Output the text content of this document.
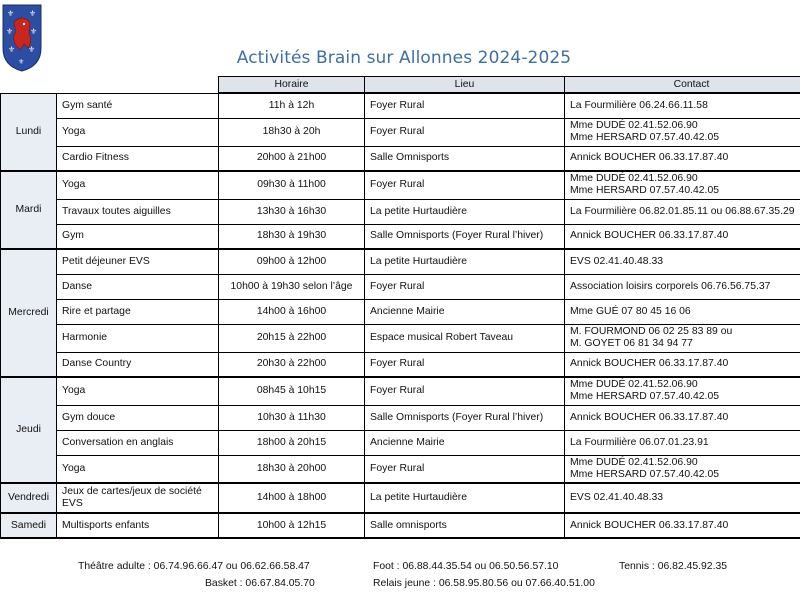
⚜ ⚜
⚜ ⚜
⚜ ⚜
⚜	Activités Brain sur Allonnes 2024-2025
		Horaire	Lieu	Contact
Lundi	Gym santé	11h à 12h	Foyer Rural	La Fourmilière 06.24.66.11.58

	Yoga	18h30 à 20h	Foyer Rural	Mme DUDÉ 02.41.52.06.90
Mme HERSARD 07.57.40.42.05

	Cardio Fitness	20h00 à 21h00	Salle Omnisports	Annick BOUCHER 06.33.17.87.40

Mardi	Yoga	09h30 à 11h00	Foyer Rural	Mme DUDÉ 02.41.52.06.90
Mme HERSARD 07.57.40.42.05

	Travaux toutes aiguilles	13h30 à 16h30	La petite Hurtaudière	La Fourmilière 06.82.01.85.11 ou 06.88.67.35.29

	Gym	18h30 à 19h30	Salle Omnisports (Foyer Rural l’hiver)	Annick BOUCHER 06.33.17.87.40

Mercredi	Petit déjeuner EVS	09h00 à 12h00	La petite Hurtaudière	EVS 02.41.40.48.33

	Danse	10h00 à 19h30 selon l’âge	Foyer Rural	Association loisirs corporels 06.76.56.75.37

	Rire et partage	14h00 à 16h00	Ancienne Mairie	Mme GUÉ 07 80 45 16 06

	Harmonie	20h15 à 22h00	Espace musical Robert Taveau	M. FOURMOND 06 02 25 83 89 ou
M. GOYET 06 81 34 94 77

	Danse Country	20h30 à 22h00	Foyer Rural	Annick BOUCHER 06.33.17.87.40

Jeudi	Yoga	08h45 à 10h15	Foyer Rural	Mme DUDÉ 02.41.52.06.90
Mme HERSARD 07.57.40.42.05

	Gym douce	10h30 à 11h30	Salle Omnisports (Foyer Rural l’hiver)	Annick BOUCHER 06.33.17.87.40

	Conversation en anglais	18h00 à 20h15	Ancienne Mairie	La Fourmilière 06.07.01.23.91

	Yoga	18h30 à 20h00	Foyer Rural	Mme DUDÉ 02.41.52.06.90
Mme HERSARD 07.57.40.42.05

Vendredi	Jeux de cartes/jeux de société EVS	14h00 à 18h00	La petite Hurtaudière	EVS 02.41.40.48.33

Samedi	Multisports enfants	10h00 à 12h15	Salle omnisports	Annick BOUCHER 06.33.17.87.40
Théâtre adulte : 06.74.96.66.47 ou 06.62.66.58.47	Foot : 06.88.44.35.54 ou 06.50.56.57.10	Tennis : 06.82.45.92.35
Basket : 06.67.84.05.70	Relais jeune : 06.58.95.80.56 ou 07.66.40.51.00
